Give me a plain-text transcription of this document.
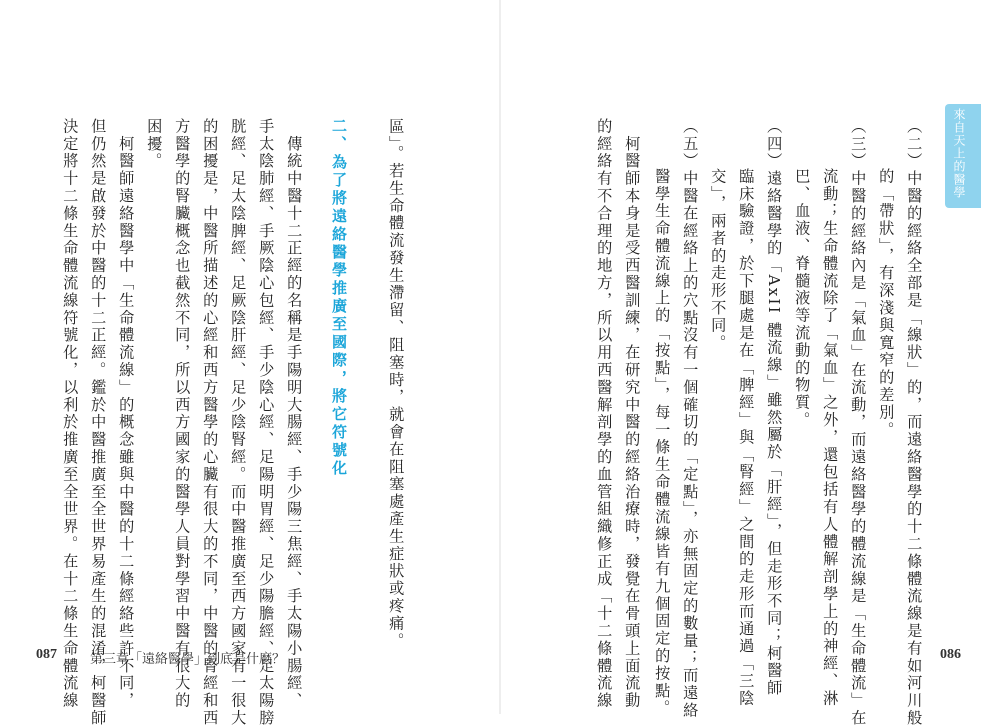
來自天上的醫學
（二）中醫的經絡全部是「線狀」的，而遠絡醫學的十二條體流線是有如河川般
的「帶狀」，有深淺與寬窄的差別。
（三）中醫的經絡內是「氣血」在流動，而遠絡醫學的體流線是「生命體流」在
流動；生命體流除了「氣血」之外，還包括有人體解剖學上的神經、淋
巴、血液、脊髓液等流動的物質。
（四）遠絡醫學的「AxII 體流線」雖然屬於「肝經」，但走形不同；柯醫師
臨床驗證，於下腿處是在「脾經」與「腎經」之間的走形而通過「三陰
交」，兩者的走形不同。
（五）中醫在經絡上的穴點沒有一個確切的「定點」，亦無固定的數量；而遠絡
醫學生命體流線上的「按點」，每一條生命體流線皆有九個固定的按點。
　柯醫師本身是受西醫訓練，在研究中醫的經絡治療時，發覺在骨頭上面流動
的經絡有不合理的地方，所以用西醫解剖學的血管組織修正成「十二條體流線	086
區」。若生命體流發生滯留、阻塞時，就會在阻塞處產生症狀或疼痛。
二、為了將遠絡醫學推廣至國際，將它符號化
　傳統中醫十二正經的名稱是手陽明大腸經、手少陽三焦經、手太陽小腸經、
手太陰肺經、手厥陰心包經、手少陰心經、足陽明胃經、足少陽膽經、足太陽膀
胱經、足太陰脾經、足厥陰肝經、足少陰腎經。而中醫推廣至西方國家有一很大
的困擾是，中醫所描述的心經和西方醫學的心臟有很大的不同，中醫的腎經和西
方醫學的腎臟概念也截然不同，所以西方國家的醫學人員對學習中醫有很大的
困擾。
　柯醫師遠絡醫學中「生命體流線」的概念雖與中醫的十二條經絡些許不同，
但仍然是啟發於中醫的十二正經。鑑於中醫推廣至全世界易產生的混淆，柯醫師
決定將十二條生命體流線符號化，以利於推廣至全世界。在十二條生命體流線
087	第三章「遠絡醫學」到底是什麼？
